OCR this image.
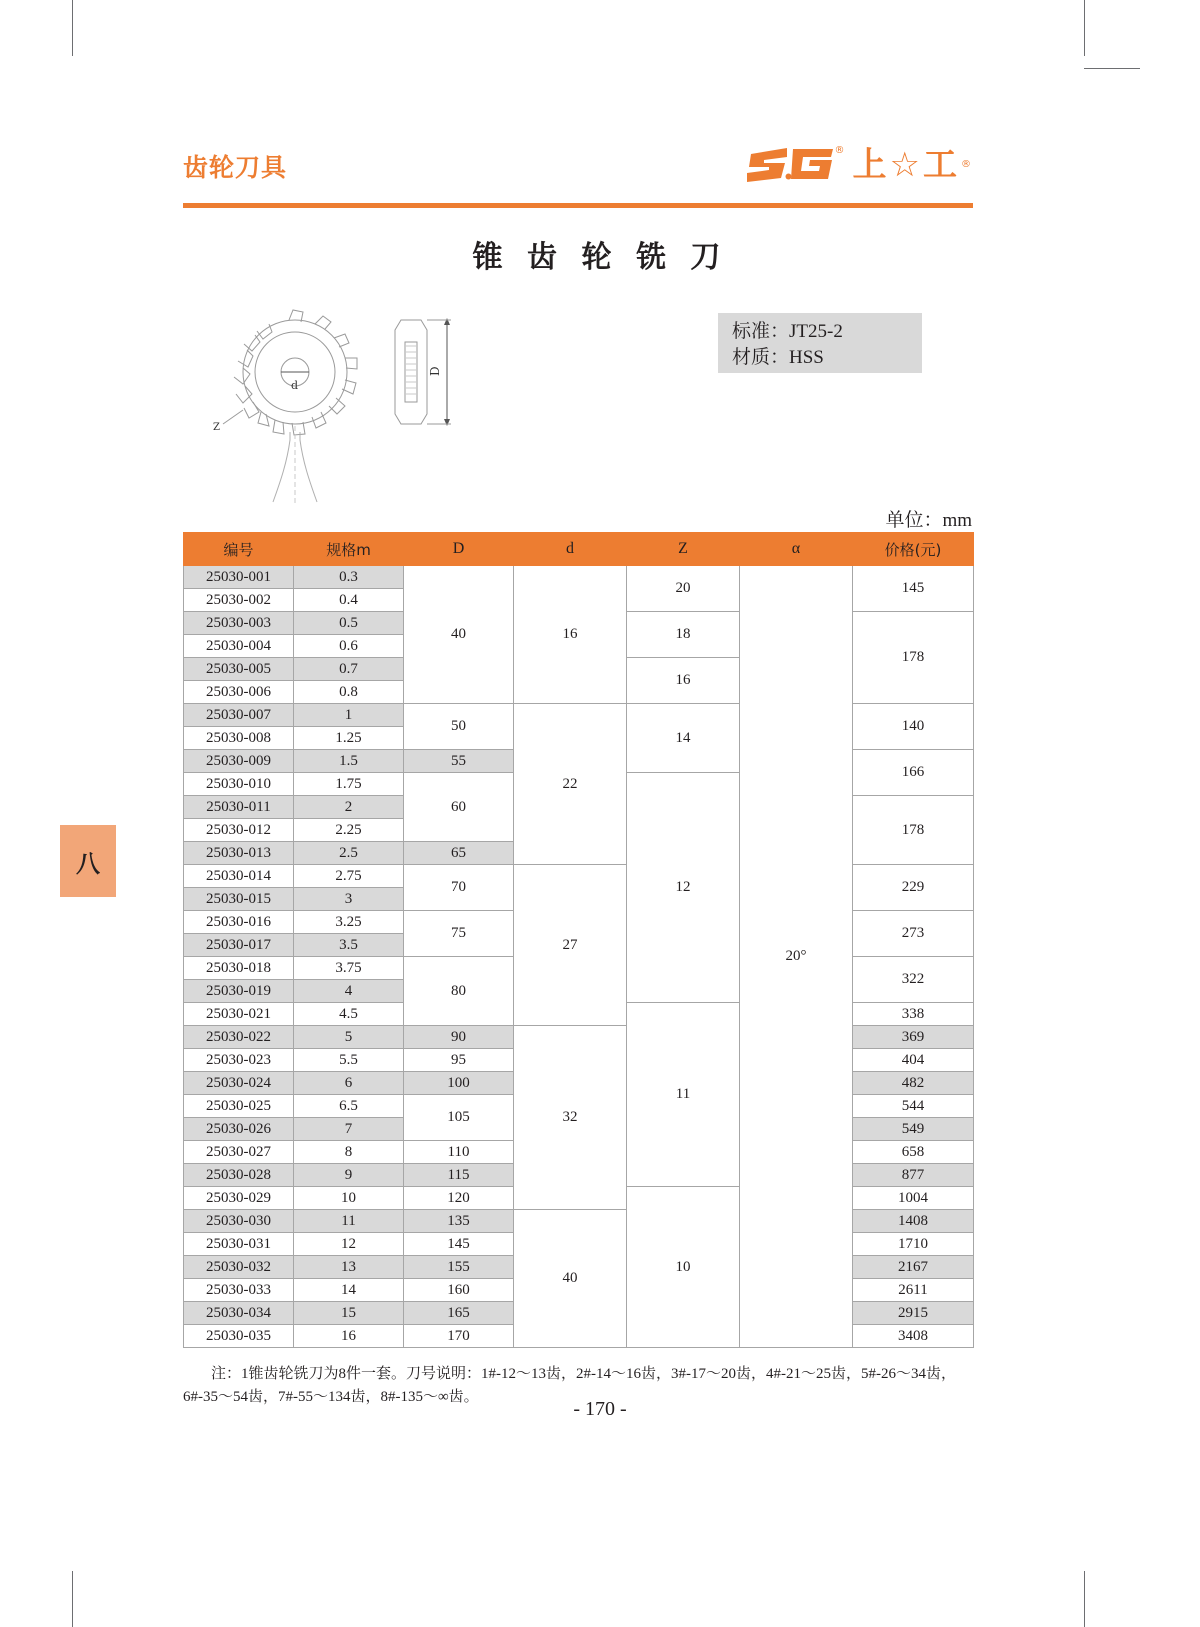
齿轮刀具
® 上 ☆ 工 ®
锥 齿 轮 铣 刀
d
Z
D
标准：JT25-2
材质：HSS
单位：mm
八
编号	规格m	D	d	Z	α	价格(元)
25030-001	0.3	40	16	20	20°	145
25030-002	0.4					
25030-003	0.5			18		178
25030-004	0.6					
25030-005	0.7			16		
25030-006	0.8					
25030-007	1	50	22	14		140
25030-008	1.25					
25030-009	1.5	55				166
25030-010	1.75	60		12		
25030-011	2					178
25030-012	2.25					
25030-013	2.5	65				
25030-014	2.75	70	27			229
25030-015	3					
25030-016	3.25	75				273
25030-017	3.5					
25030-018	3.75	80				322
25030-019	4					
25030-021	4.5			11		338
25030-022	5	90	32			369
25030-023	5.5	95				404
25030-024	6	100				482
25030-025	6.5	105				544
25030-026	7					549
25030-027	8	110				658
25030-028	9	115				877
25030-029	10	120		10		1004
25030-030	11	135	40			1408
25030-031	12	145				1710
25030-032	13	155				2167
25030-033	14	160				2611
25030-034	15	165				2915
25030-035	16	170				3408
注：1锥齿轮铣刀为8件一套。刀号说明：1#-12～13齿，2#-14～16齿，3#-17～20齿，4#-21～25齿，5#-26～34齿，
6#-35～54齿，7#-55～134齿，8#-135～∞齿。
- 170 -
